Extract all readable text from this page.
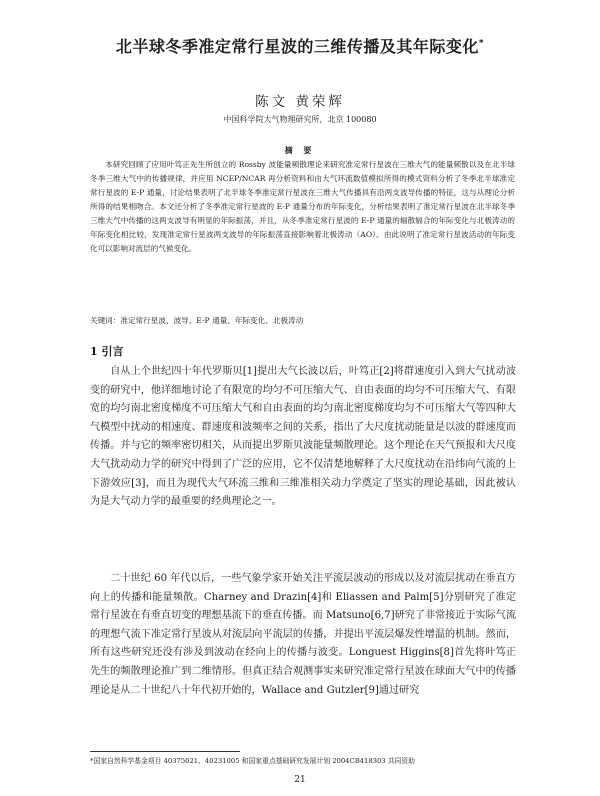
北半球冬季准定常行星波的三维传播及其年际变化*
陈文 黄荣辉
中国科学院大气物理研究所，北京 100080
摘 要
本研究回顾了应用叶笃正先生所创立的 Rossby 波能量频散理论来研究准定常行星波在三维大气的能量频散以及在北半球冬季三维大气中的传播规律，并应用 NCEP/NCAR 再分析资料和由大气环流数值模拟所得的模式资料分析了冬季北半球准定常行星波的 E-P 通量，讨论结果表明了北半球冬季准定常行星波在三维大气传播具有沿两支波导传播的特征，这与从理论分析所得的结果相吻合。本文还分析了冬季准定常行星波的 E-P 通量分布的年际变化，分析结果表明了准定常行星波在北半球冬季三维大气中传播的这两支波导有明显的年际振荡，并且，从冬季准定常行星波的 E-P 通量的辐散辐合的年际变化与北极涛动的年际变化相比较，发现准定常行星波两支波导的年际振荡直接影响着北极涛动（AO）。由此说明了准定常行星波活动的年际变化可以影响对流层的气候变化。
关键词：准定常行星波、波导、E-P 通量、年际变化、北极涛动
1 引言
自从上个世纪四十年代罗斯贝[1]提出大气长波以后，叶笃正[2]将群速度引入到大气扰动波变的研究中，他详细地讨论了有限宽的均匀不可压缩大气、自由表面的均匀不可压缩大气、有限宽的均匀南北密度梯度不可压缩大气和自由表面的均匀南北密度梯度均匀不可压缩大气等四种大气模型中扰动的相速度、群速度和波频率之间的关系，指出了大尺度扰动能量是以波的群速度而传播。并与它的频率密切相关，从而提出罗斯贝波能量频散理论。这个理论在天气预报和大尺度大气扰动动力学的研究中得到了广泛的应用，它不仅清楚地解释了大尺度扰动在沿纬向气流的上下游效应[3]，而且为现代大气环流三维和三维准相关动力学奠定了坚实的理论基础，因此被认为是大气动力学的最重要的经典理论之一。
二十世纪 60 年代以后，一些气象学家开始关注平流层波动的形成以及对流层扰动在垂直方向上的传播和能量频散。Charney and Drazin[4]和 Eliassen and Palm[5]分别研究了准定常行星波在有垂直切变的理想基流下的垂直传播。而 Matsuno[6,7]研究了非常接近于实际气流的理想气流下准定常行星波从对流层向平流层的传播，并提出平流层爆发性增温的机制。然而，所有这些研究还没有涉及到波动在经向上的传播与波变。Longuest Higgins[8]首先将叶笃正先生的频散理论推广到二维情形。但真正结合观测事实来研究准定常行星波在球面大气中的传播理论是从二十世纪八十年代初开始的，Wallace and Gutzler[9]通过研究
*国家自然科学基金项目 40375021、40231005 和国家重点基础研究发展计划 2004CB418303 共同资助
21
